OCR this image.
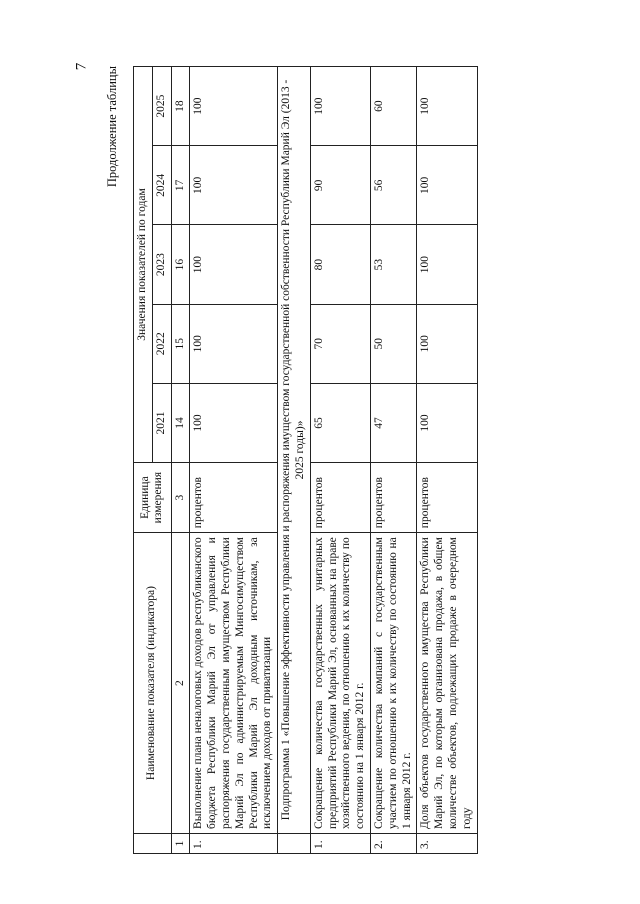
7 Продолжение таблицы
	Наименование показателя (индикатора)	Единица измерения	Значения показателей по годам				
			2021	2022	2023	2024	2025
1	2	3	14	15	16	17	18
1.	Выполнение плана неналоговых доходов республиканского бюджета Республики Марий Эл от управления и распоряжения государственным имуществом Республики Марий Эл по администрируемым Мингосимуществом Республики Марий Эл доходным источникам, за исключением доходов от приватизации	процентов	100	100	100	100	100
	Подпрограмма 1 «Повышение эффективности управления и распоряжения имуществом государственной собственности Республики Марий Эл (2013 - 2025 годы)»						
1.	Сокращение количества государственных унитарных предприятий Республики Марий Эл, основанных на праве хозяйственного ведения, по отношению к их количеству по состоянию на 1 января 2012 г.	процентов	65	70	80	90	100
2.	Сокращение количества компаний с государственным участием по отношению к их количеству по состоянию на 1 января 2012 г.	процентов	47	50	53	56	60
3.	Доля объектов государственного имущества Республики Марий Эл, по которым организована продажа, в общем количестве объектов, подлежащих продаже в очередном году	процентов	100	100	100	100	100
